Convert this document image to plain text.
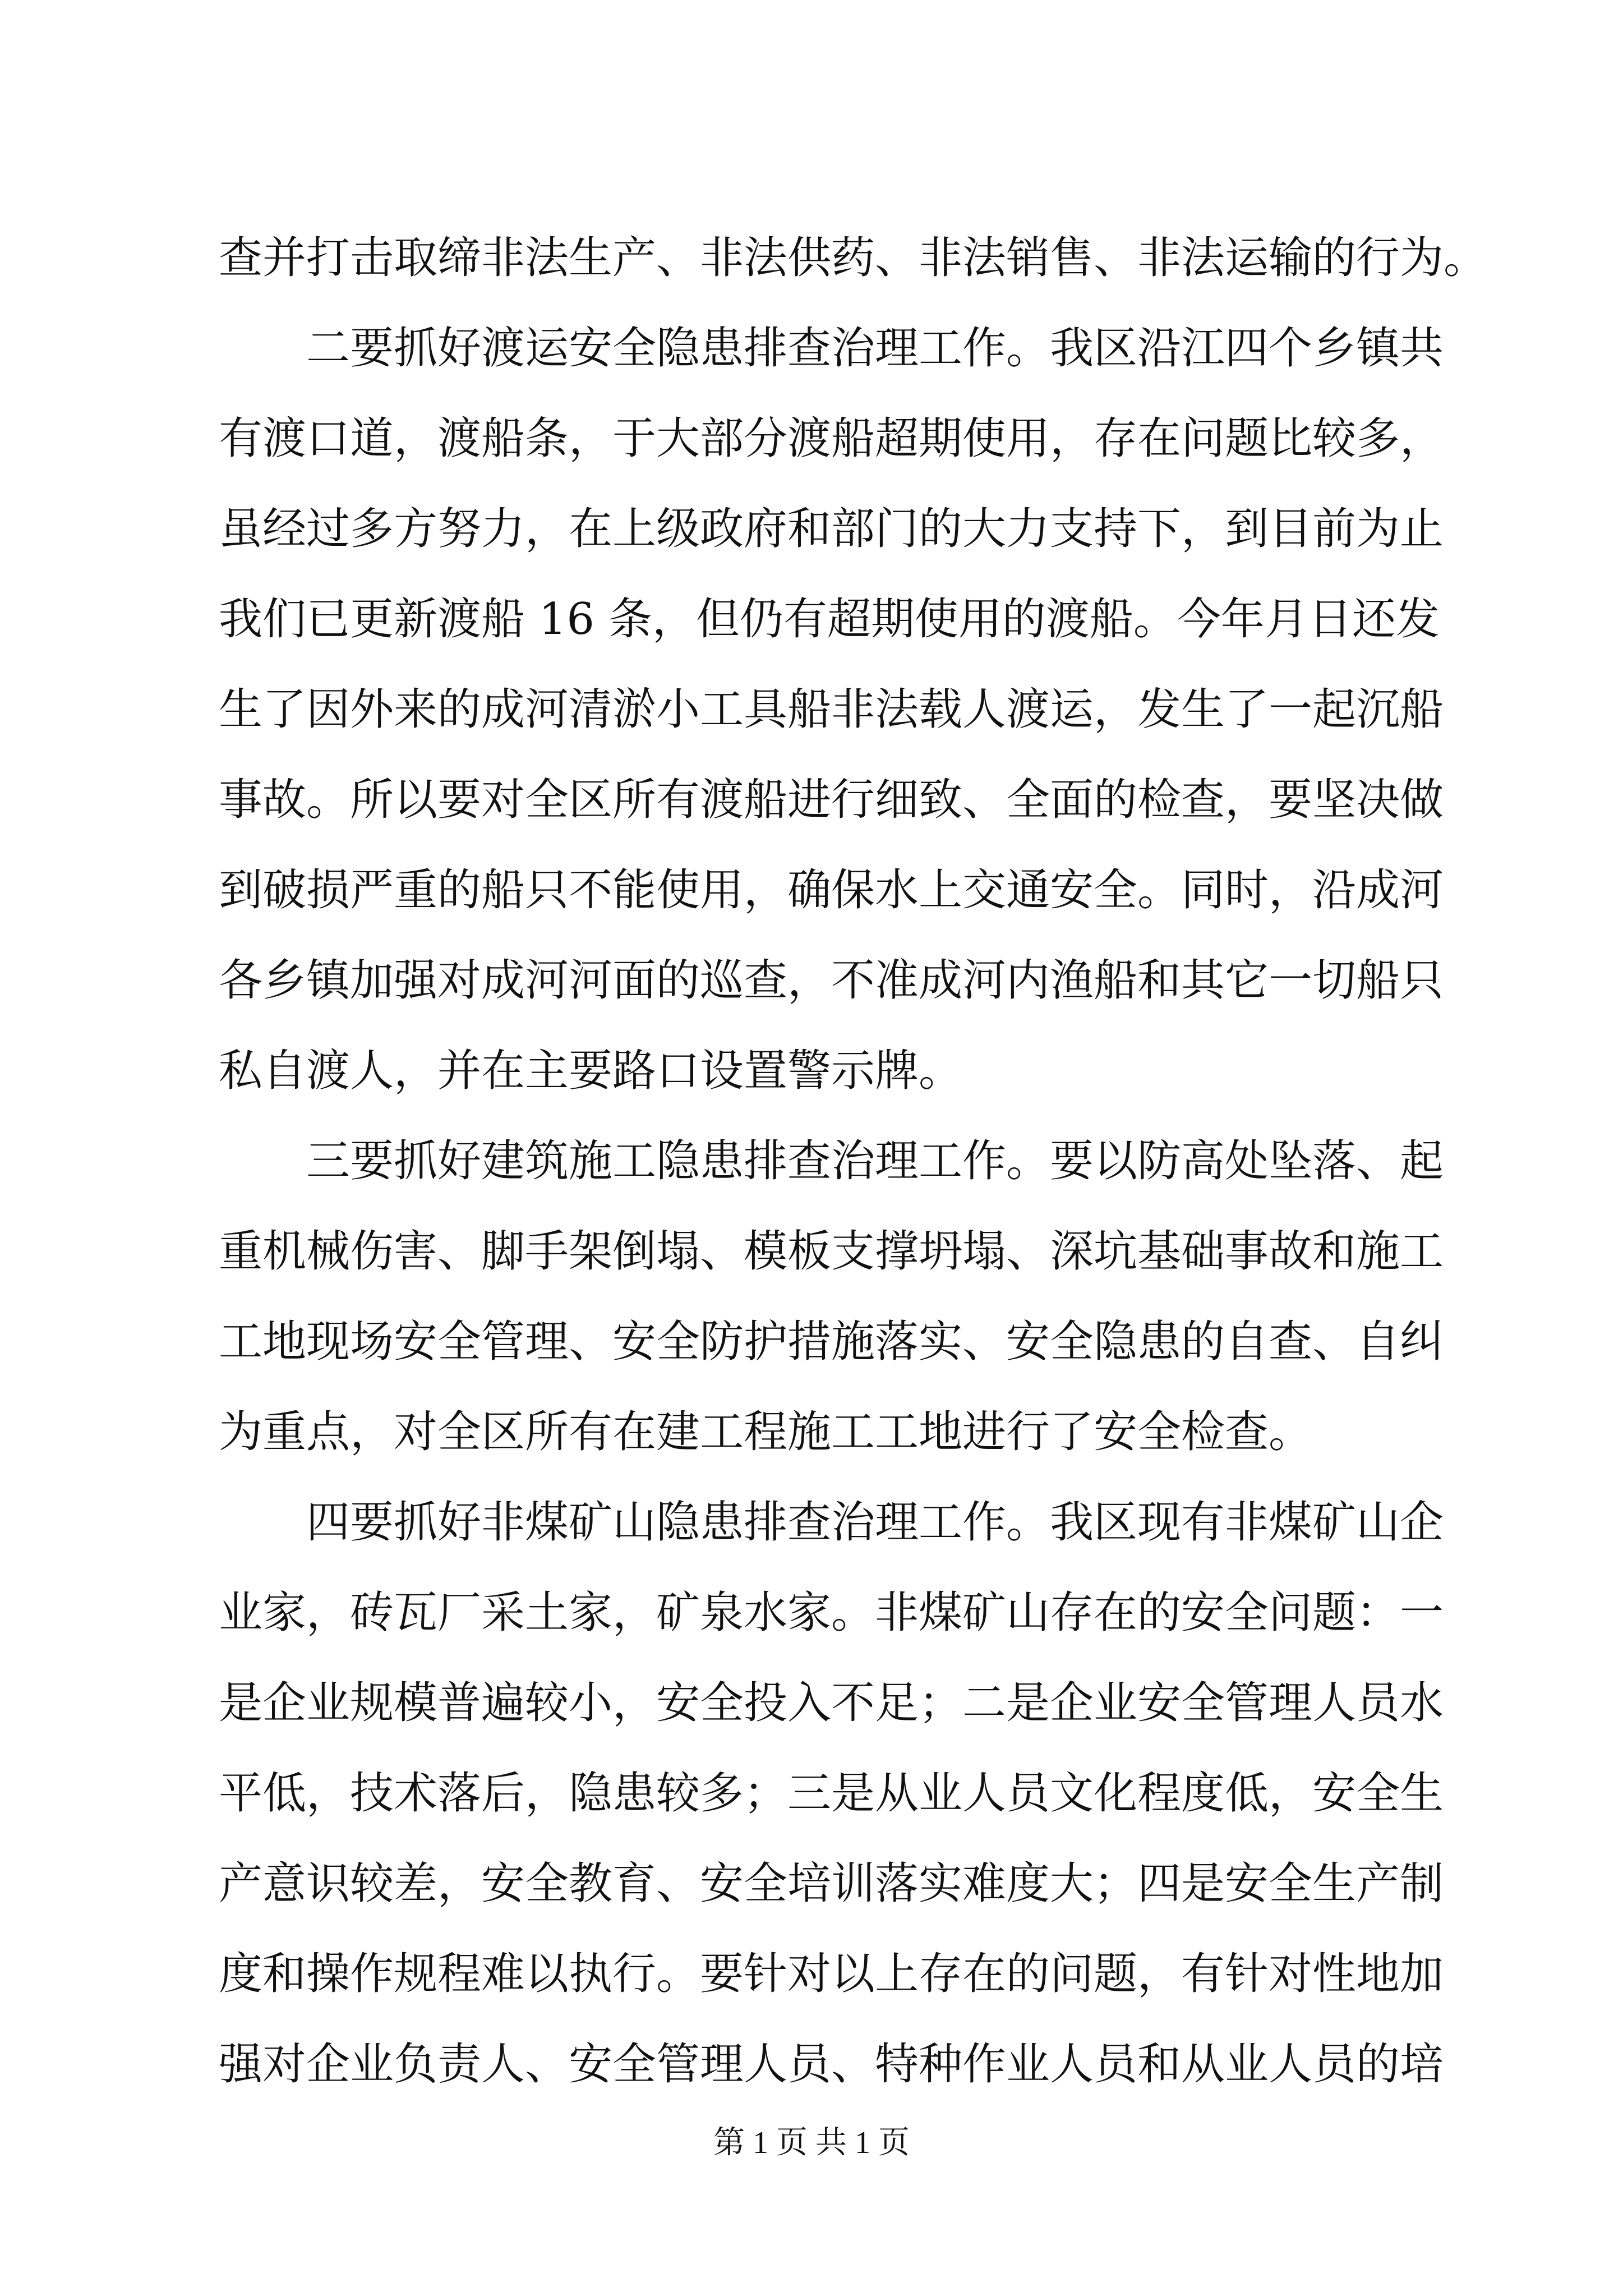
查并打击取缔非法生产、非法供药、非法销售、非法运输的行为。
二要抓好渡运安全隐患排查治理工作。我区沿江四个乡镇共
有渡口道，渡船条，于大部分渡船超期使用，存在问题比较多，
虽经过多方努力，在上级政府和部门的大力支持下，到目前为止
我们已更新渡船 16 条，但仍有超期使用的渡船。今年月日还发
生了因外来的成河清淤小工具船非法载人渡运，发生了一起沉船
事故。所以要对全区所有渡船进行细致、全面的检查，要坚决做
到破损严重的船只不能使用，确保水上交通安全。同时，沿成河
各乡镇加强对成河河面的巡查，不准成河内渔船和其它一切船只
私自渡人，并在主要路口设置警示牌。
三要抓好建筑施工隐患排查治理工作。要以防高处坠落、起
重机械伤害、脚手架倒塌、模板支撑坍塌、深坑基础事故和施工
工地现场安全管理、安全防护措施落实、安全隐患的自查、自纠
为重点，对全区所有在建工程施工工地进行了安全检查。
四要抓好非煤矿山隐患排查治理工作。我区现有非煤矿山企
业家，砖瓦厂采土家，矿泉水家。非煤矿山存在的安全问题：一
是企业规模普遍较小，安全投入不足；二是企业安全管理人员水
平低，技术落后，隐患较多；三是从业人员文化程度低，安全生
产意识较差，安全教育、安全培训落实难度大；四是安全生产制
度和操作规程难以执行。要针对以上存在的问题，有针对性地加
强对企业负责人、安全管理人员、特种作业人员和从业人员的培
第 1 页 共 1 页
